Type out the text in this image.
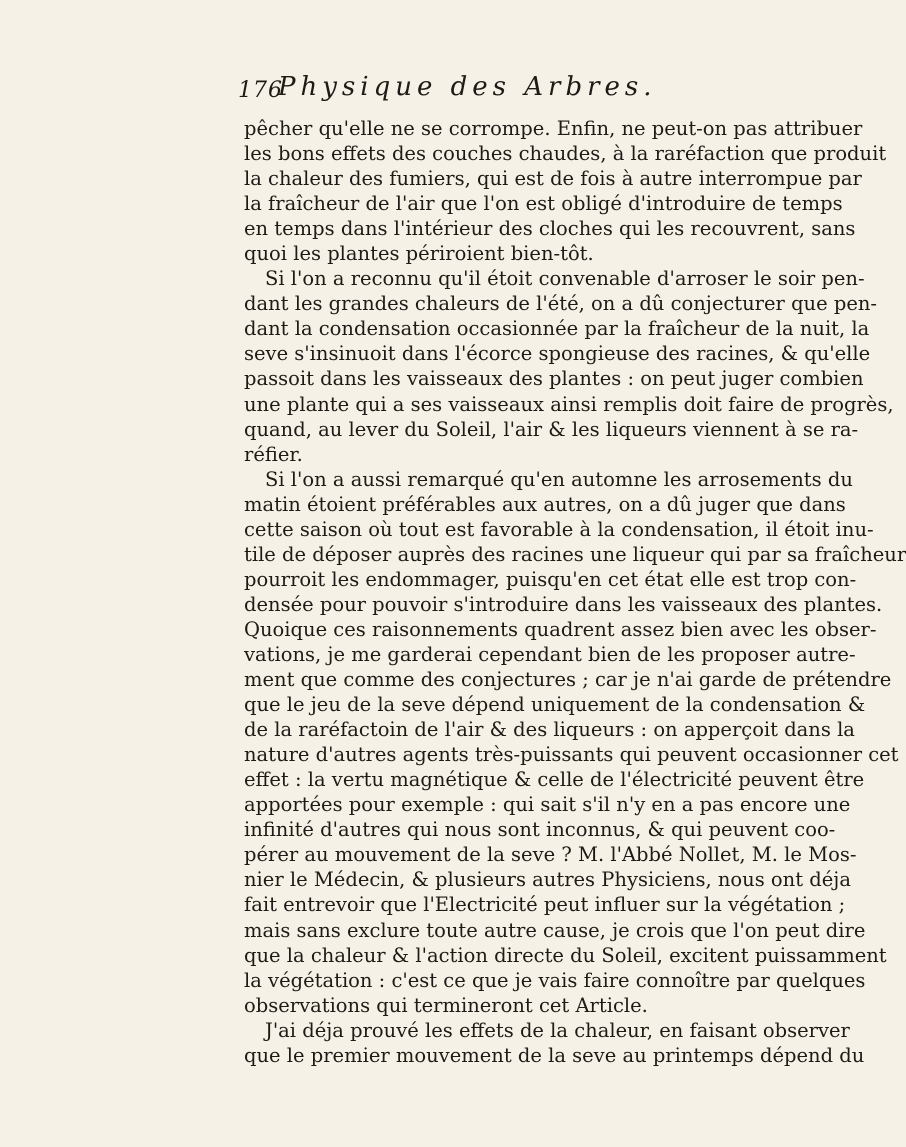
176
Physique des Arbres.
pêcher qu'elle ne se corrompe. Enfin, ne peut-on pas attribuer
les bons effets des couches chaudes, à la raréfaction que produit
la chaleur des fumiers, qui est de fois à autre interrompue par
la fraîcheur de l'air que l'on est obligé d'introduire de temps
en temps dans l'intérieur des cloches qui les recouvrent, sans
quoi les plantes périroient bien-tôt.
Si l'on a reconnu qu'il étoit convenable d'arroser le soir pen-
dant les grandes chaleurs de l'été, on a dû conjecturer que pen-
dant la condensation occasionnée par la fraîcheur de la nuit, la
seve s'insinuoit dans l'écorce spongieuse des racines, & qu'elle
passoit dans les vaisseaux des plantes : on peut juger combien
une plante qui a ses vaisseaux ainsi remplis doit faire de progrès,
quand, au lever du Soleil, l'air & les liqueurs viennent à se ra-
réfier.
Si l'on a aussi remarqué qu'en automne les arrosements du
matin étoient préférables aux autres, on a dû juger que dans
cette saison où tout est favorable à la condensation, il étoit inu-
tile de déposer auprès des racines une liqueur qui par sa fraîcheur
pourroit les endommager, puisqu'en cet état elle est trop con-
densée pour pouvoir s'introduire dans les vaisseaux des plantes.
Quoique ces raisonnements quadrent assez bien avec les obser-
vations, je me garderai cependant bien de les proposer autre-
ment que comme des conjectures ; car je n'ai garde de prétendre
que le jeu de la seve dépend uniquement de la condensation &
de la raréfactoin de l'air & des liqueurs : on apperçoit dans la
nature d'autres agents très-puissants qui peuvent occasionner cet
effet : la vertu magnétique & celle de l'électricité peuvent être
apportées pour exemple : qui sait s'il n'y en a pas encore une
infinité d'autres qui nous sont inconnus, & qui peuvent coo-
pérer au mouvement de la seve ? M. l'Abbé Nollet, M. le Mos-
nier le Médecin, & plusieurs autres Physiciens, nous ont déja
fait entrevoir que l'Electricité peut influer sur la végétation ;
mais sans exclure toute autre cause, je crois que l'on peut dire
que la chaleur & l'action directe du Soleil, excitent puissamment
la végétation : c'est ce que je vais faire connoître par quelques
observations qui termineront cet Article.
J'ai déja prouvé les effets de la chaleur, en faisant observer
que le premier mouvement de la seve au printemps dépend du
